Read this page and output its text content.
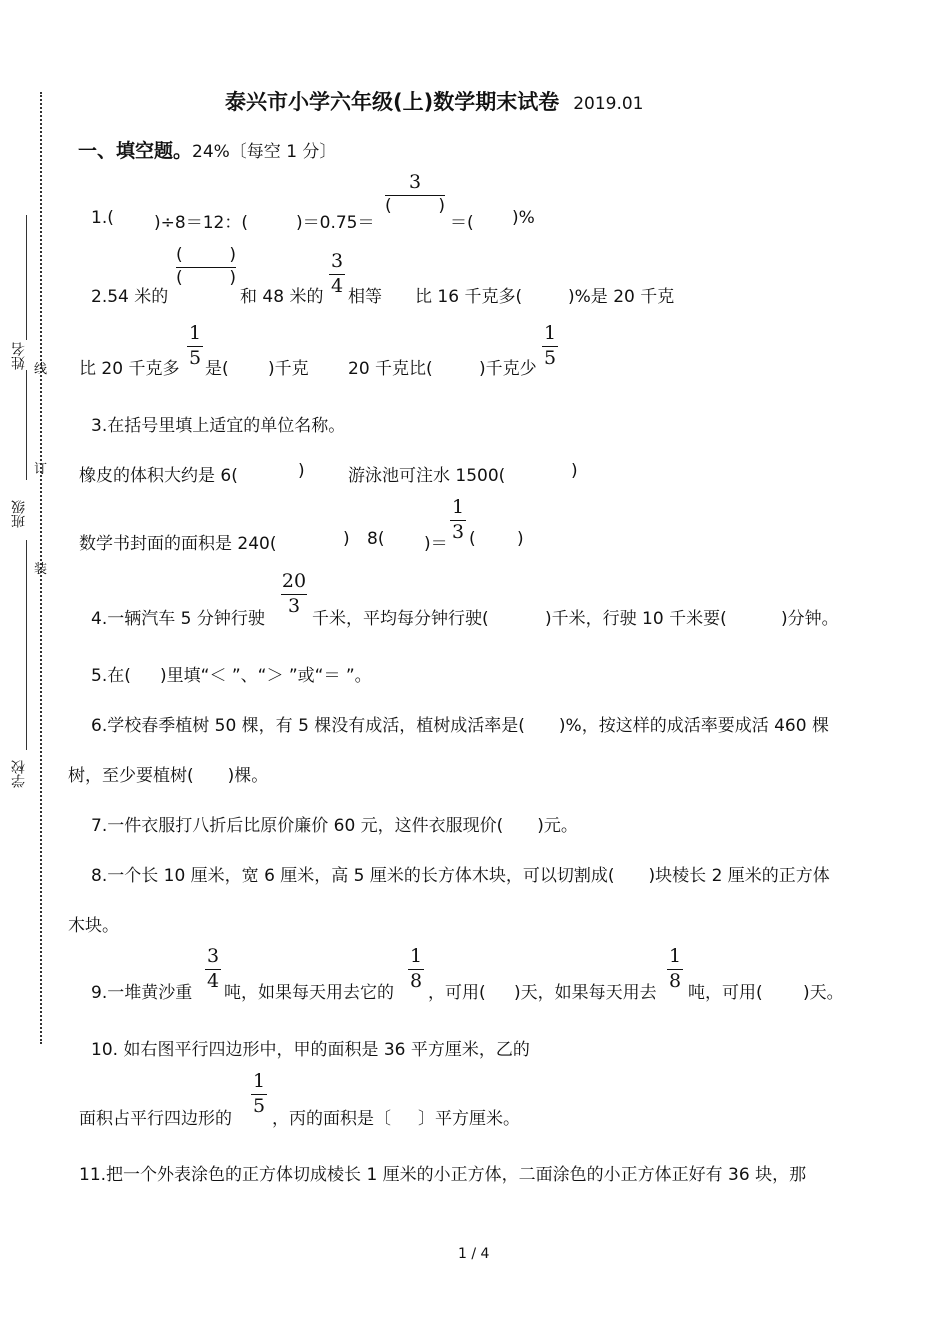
姓名
班级
学校
线
订
装
泰兴市小学六年级(上)数学期末试卷 2019.01
一、填空题。24%〔每空 1 分〕
1.( )÷8＝12：(	)＝0.75＝
3
(	)
＝( )%
2.54 米的
(	)
(	)
和 48 米的
3
4 相等 比 16 千克多(	)%是 20 千克
比 20 千克多
1
5 是( )千克 20 千克比(	)千克少
1
5
3.在括号里填上适宜的单位名称。
橡皮的体积大约是 6(	)	游泳池可注水 1500(	)
数学书封面的面积是 240(	) 8( )＝
1
3 ( )
4.一辆汽车 5 分钟行驶
20
3
千米，平均每分钟行驶(	)千米，行驶 10 千米要(	)分钟。
5.在( )里填“＜ ”、“＞ ”或“＝ ”。
6.学校春季植树 50 棵，有 5 棵没有成活，植树成活率是(　　)%，按这样的成活率要成活 460 棵
树，至少要植树(　　)棵。
7.一件衣服打八折后比原价廉价 60 元，这件衣服现价(　　)元。
8.一个长 10 厘米，宽 6 厘米，高 5 厘米的长方体木块，可以切割成(　　)块棱长 2 厘米的正方体
木块。
9.一堆黄沙重
3
4
吨，如果每天用去它的
1
8
，可用( )天，如果每天用去
1
8
吨，可用( )天。
10. 如右图平行四边形中，甲的面积是 36 平方厘米，乙的
面积占平行四边形的
1
5
，丙的面积是〔 〕平方厘米。
11.把一个外表涂色的正方体切成棱长 1 厘米的小正方体，二面涂色的小正方体正好有 36 块，那
1 / 4
